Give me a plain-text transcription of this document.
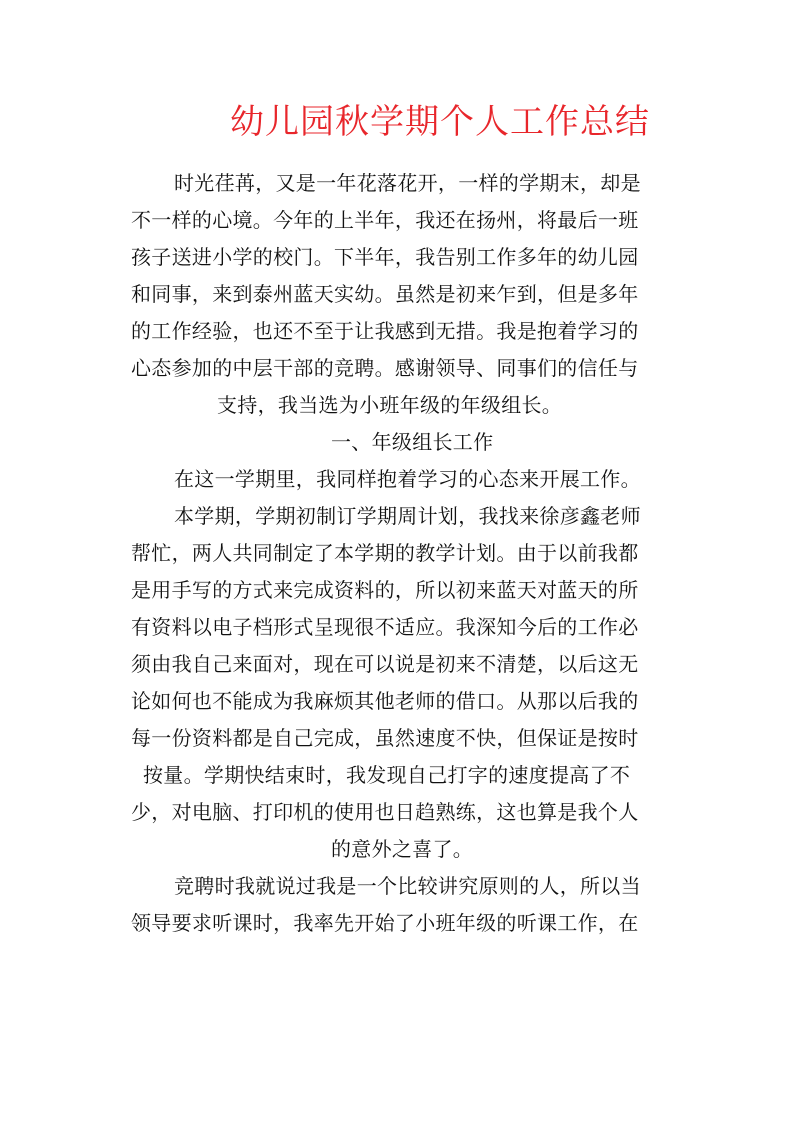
幼儿园秋学期个人工作总结
时光荏苒，又是一年花落花开，一样的学期末，却是
不一样的心境。今年的上半年，我还在扬州，将最后一班
孩子送进小学的校门。下半年，我告别工作多年的幼儿园
和同事，来到泰州蓝天实幼。虽然是初来乍到，但是多年
的工作经验，也还不至于让我感到无措。我是抱着学习的
心态参加的中层干部的竞聘。感谢领导、同事们的信任与
支持，我当选为小班年级的年级组长。
一、年级组长工作
在这一学期里，我同样抱着学习的心态来开展工作。
本学期，学期初制订学期周计划，我找来徐彦鑫老师
帮忙，两人共同制定了本学期的教学计划。由于以前我都
是用手写的方式来完成资料的，所以初来蓝天对蓝天的所
有资料以电子档形式呈现很不适应。我深知今后的工作必
须由我自己来面对，现在可以说是初来不清楚，以后这无
论如何也不能成为我麻烦其他老师的借口。从那以后我的
每一份资料都是自己完成，虽然速度不快，但保证是按时
按量。学期快结束时，我发现自己打字的速度提高了不
少，对电脑、打印机的使用也日趋熟练，这也算是我个人
的意外之喜了。
竞聘时我就说过我是一个比较讲究原则的人，所以当
领导要求听课时，我率先开始了小班年级的听课工作，在
